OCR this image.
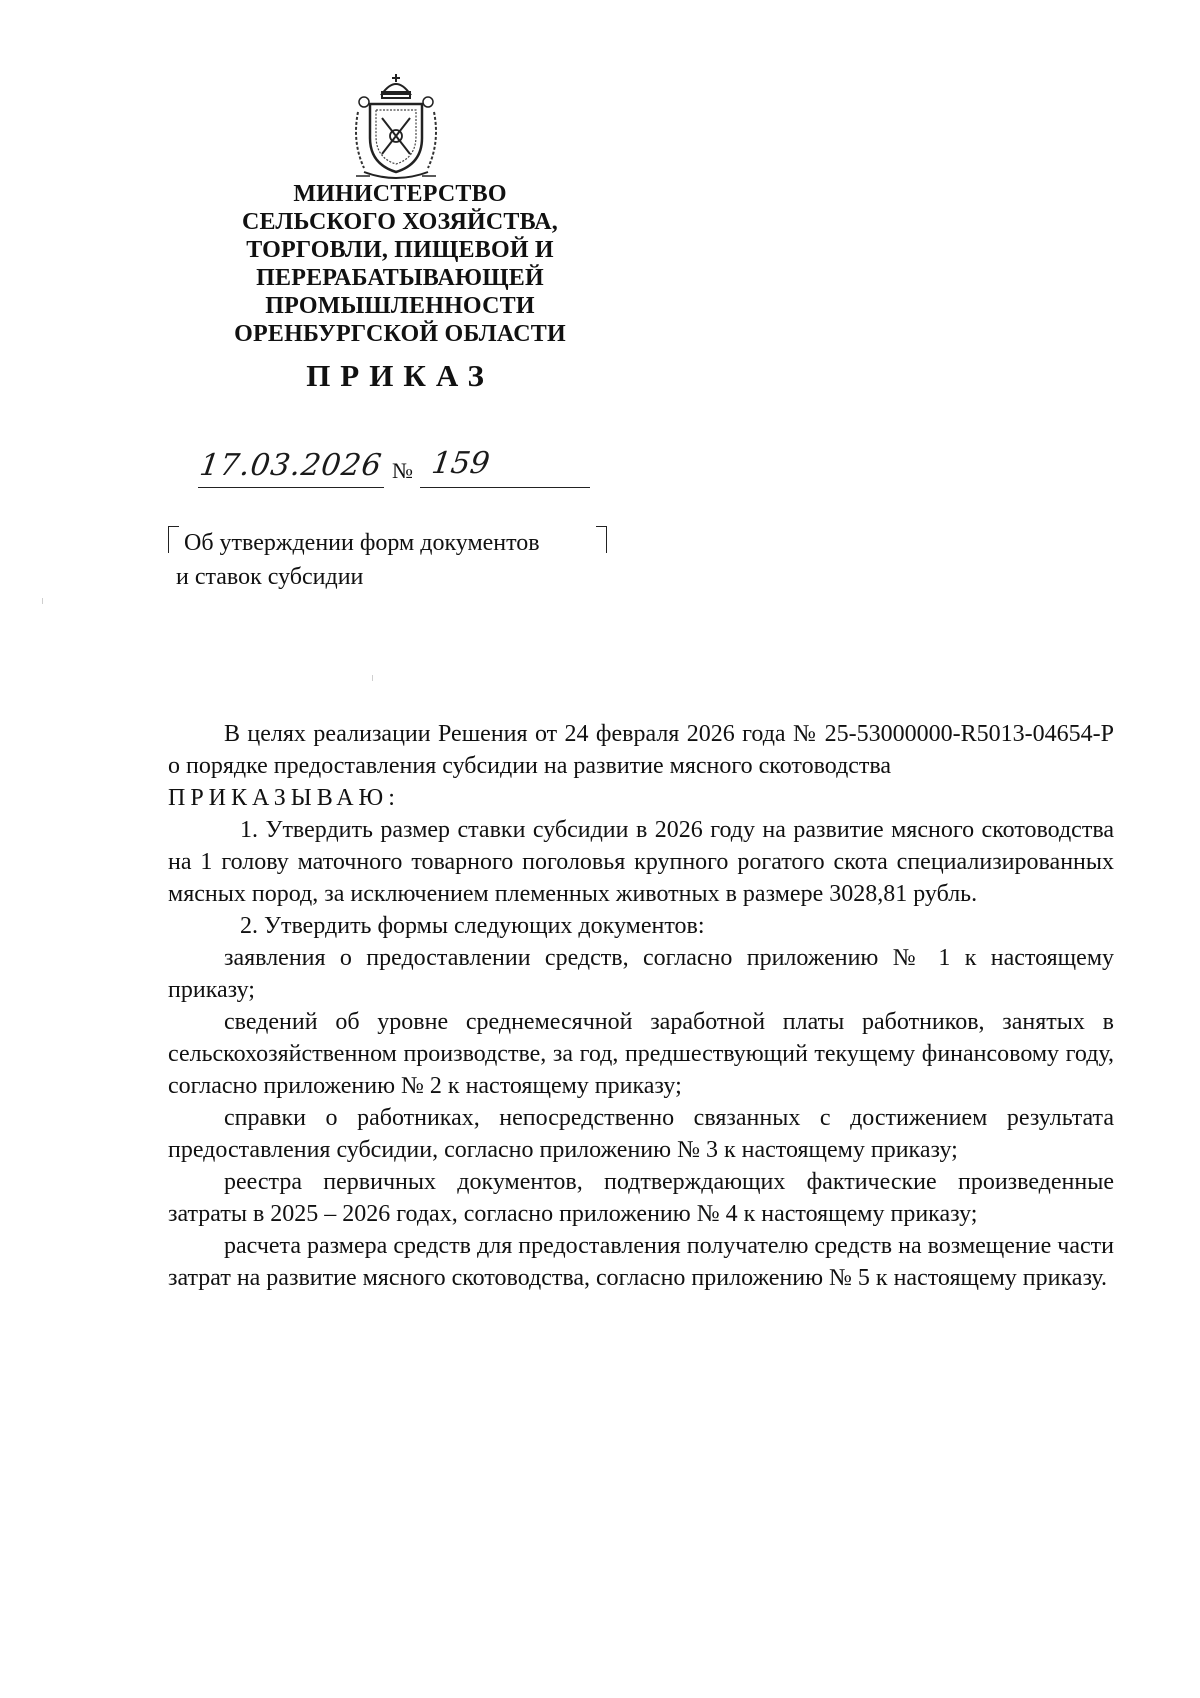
МИНИСТЕРСТВО
СЕЛЬСКОГО ХОЗЯЙСТВА,
ТОРГОВЛИ, ПИЩЕВОЙ И
ПЕРЕРАБАТЫВАЮЩЕЙ
ПРОМЫШЛЕННОСТИ
ОРЕНБУРГСКОЙ ОБЛАСТИ
ПРИКАЗ
17.03.2026 № 159
Об утверждении форм документов
и ставок субсидии

В целях реализации Решения от 24 февраля 2026 года № 25-53000000-R5013-04654-Р о порядке предоставления субсидии на развитие мясного скотоводства

ПРИКАЗЫВАЮ:

1. Утвердить размер ставки субсидии в 2026 году на развитие мясного скотоводства на 1 голову маточного товарного поголовья крупного рогатого скота специализированных мясных пород, за исключением племенных животных в размере 3028,81 рубль.

2. Утвердить формы следующих документов:

заявления о предоставлении средств, согласно приложению № 1 к настоящему приказу;

сведений об уровне среднемесячной заработной платы работников, занятых в сельскохозяйственном производстве, за год, предшествующий текущему финансовому году, согласно приложению № 2 к настоящему приказу;

справки о работниках, непосредственно связанных с достижением результата предоставления субсидии, согласно приложению № 3 к настоящему приказу;

реестра первичных документов, подтверждающих фактические произведенные затраты в 2025 – 2026 годах, согласно приложению № 4 к настоящему приказу;

расчета размера средств для предоставления получателю средств на возмещение части затрат на развитие мясного скотоводства, согласно приложению № 5 к настоящему приказу.
